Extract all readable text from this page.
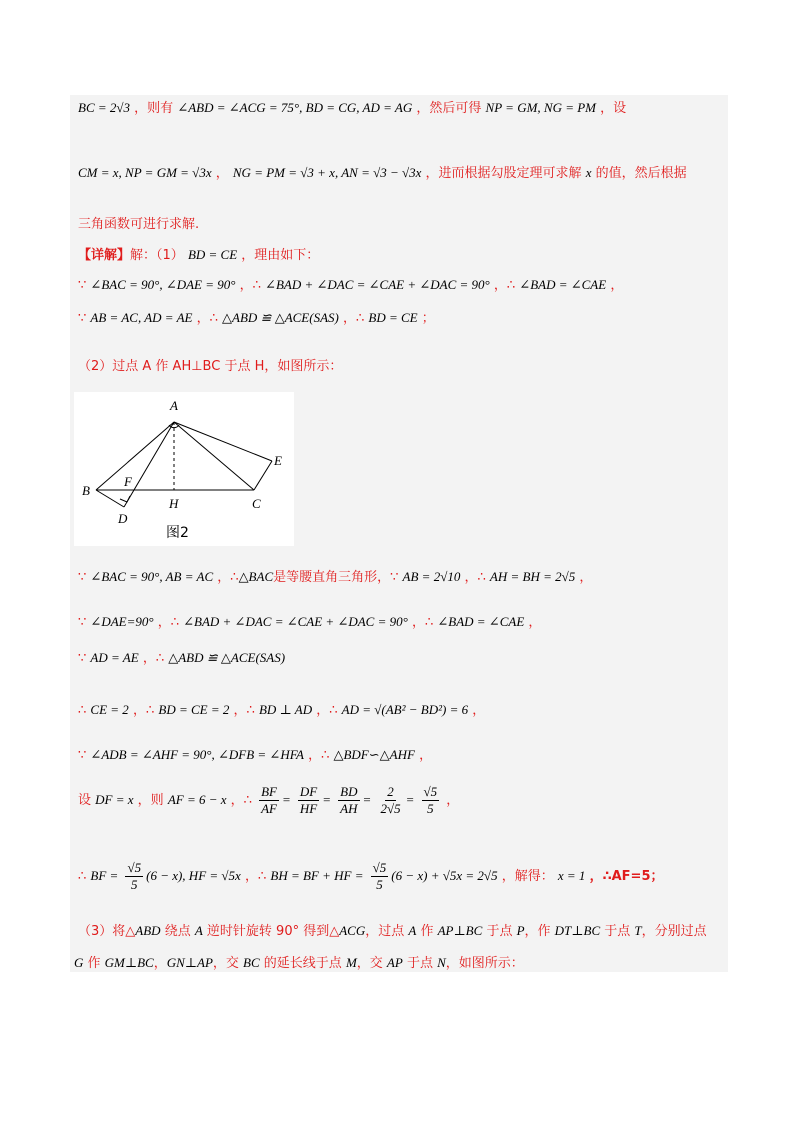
BC = 2√3 ，则有 ∠ABD = ∠ACG = 75°, BD = CG, AD = AG ，然后可得 NP = GM, NG = PM ，设
CM = x, NP = GM = √3x ， NG = PM = √3 + x, AN = √3 − √3x ，进而根据勾股定理可求解 x 的值，然后根据
三角函数可进行求解.
【详解】解：（1） BD = CE ，理由如下：
∵ ∠BAC = 90°, ∠DAE = 90° ，∴ ∠BAD + ∠DAC = ∠CAE + ∠DAC = 90° ，∴ ∠BAD = ∠CAE ，
∵ AB = AC, AD = AE ，∴ △ABD ≌ △ACE(SAS) ，∴ BD = CE ；
（2）过点 A 作 AH⊥BC 于点 H，如图所示：
A
B
C
D
E
F
H
图2
∵ ∠BAC = 90°, AB = AC ，∴△BAC是等腰直角三角形，∵ AB = 2√10 ，∴ AH = BH = 2√5 ，
∵ ∠DAE=90° ，∴ ∠BAD + ∠DAC = ∠CAE + ∠DAC = 90° ，∴ ∠BAD = ∠CAE ，
∵ AD = AE ，∴ △ABD ≌ △ACE(SAS)
∴ CE = 2 ，∴ BD = CE = 2 ，∴ BD ⊥ AD ，∴ AD = √(AB² − BD²) = 6 ，
∵ ∠ADB = ∠AHF = 90°, ∠DFB = ∠HFA ，∴ △BDF∽△AHF ，
设 DF = x ，则 AF = 6 − x ，∴ $\frac{BF}{AF} = \frac{DF}{HF} = \frac{BD}{AH} = \frac{2}{2√5} = \frac{√5}{5}$ ，
∴ BF = $\frac{√5}{5} (6 - x)$, HF = √5x ，∴ BH = BF + HF = $\frac{√5}{5} (6 - x) + √5x = 2√5$ ，解得： x = 1 ，∴AF=5；
（3）将△ABD 绕点 A 逆时针旋转 90° 得到△ACG，过点 A 作 AP⊥BC 于点 P，作 DT⊥BC 于点 T，分别过点
G 作 GM⊥BC，GN⊥AP，交 BC 的延长线于点 M，交 AP 于点 N，如图所示：
